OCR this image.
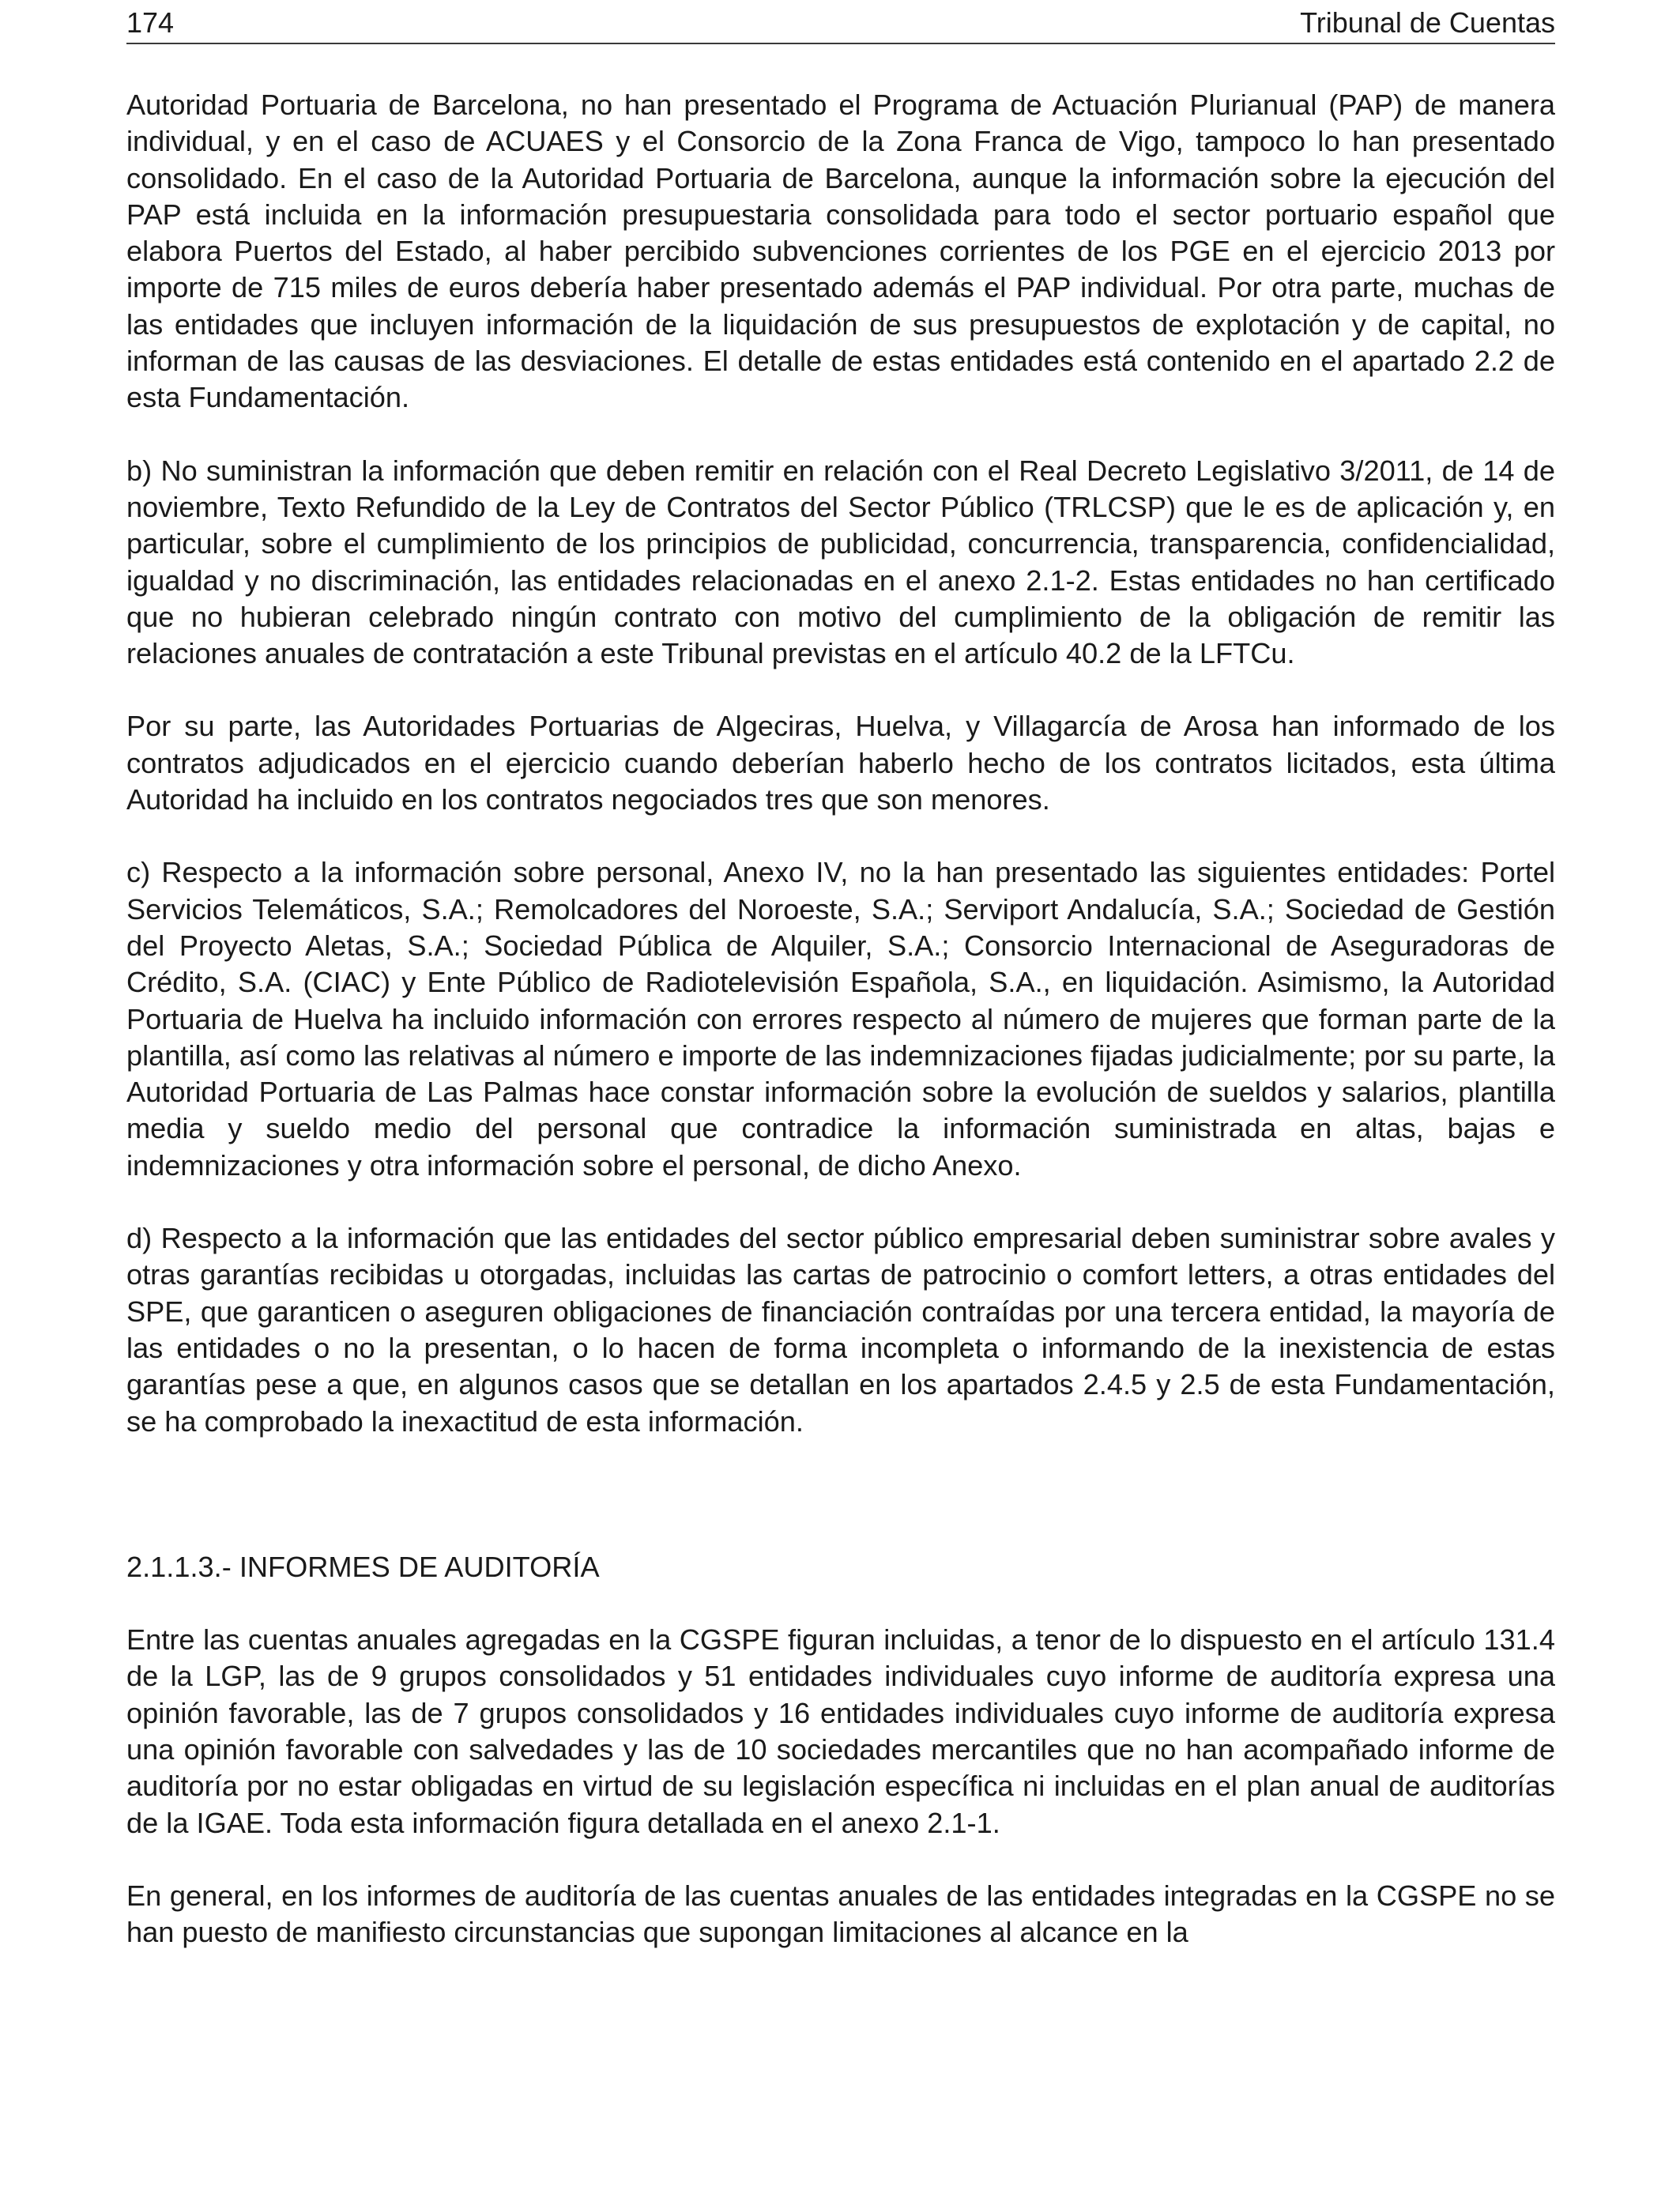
174	Tribunal de Cuentas

Autoridad Portuaria de Barcelona, no han presentado el Programa de Actuación Plurianual (PAP) de manera individual, y en el caso de ACUAES y el Consorcio de la Zona Franca de Vigo, tampoco lo han presentado consolidado. En el caso de la Autoridad Portuaria de Barcelona, aunque la información sobre la ejecución del PAP está incluida en la información presupuestaria consolidada para todo el sector portuario español que elabora Puertos del Estado, al haber percibido subvenciones corrientes de los PGE en el ejercicio 2013 por importe de 715 miles de euros debería haber presentado además el PAP individual. Por otra parte, muchas de las entidades que incluyen información de la liquidación de sus presupuestos de explotación y de capital, no informan de las causas de las desviaciones. El detalle de estas entidades está contenido en el apartado 2.2 de esta Fundamentación.

b) No suministran la información que deben remitir en relación con el Real Decreto Legislativo 3/2011, de 14 de noviembre, Texto Refundido de la Ley de Contratos del Sector Público (TRLCSP) que le es de aplicación y, en particular, sobre el cumplimiento de los principios de publicidad, concurrencia, transparencia, confidencialidad, igualdad y no discriminación, las entidades relacionadas en el anexo 2.1-2. Estas entidades no han certificado que no hubieran celebrado ningún contrato con motivo del cumplimiento de la obligación de remitir las relaciones anuales de contratación a este Tribunal previstas en el artículo 40.2 de la LFTCu.

Por su parte, las Autoridades Portuarias de Algeciras, Huelva, y Villagarcía de Arosa han informado de los contratos adjudicados en el ejercicio cuando deberían haberlo hecho de los contratos licitados, esta última Autoridad ha incluido en los contratos negociados tres que son menores.

c) Respecto a la información sobre personal, Anexo IV, no la han presentado las siguientes entidades: Portel Servicios Telemáticos, S.A.; Remolcadores del Noroeste, S.A.; Serviport Andalucía, S.A.; Sociedad de Gestión del Proyecto Aletas, S.A.; Sociedad Pública de Alquiler, S.A.; Consorcio Internacional de Aseguradoras de Crédito, S.A. (CIAC) y Ente Público de Radiotelevisión Española, S.A., en liquidación. Asimismo, la Autoridad Portuaria de Huelva ha incluido información con errores respecto al número de mujeres que forman parte de la plantilla, así como las relativas al número e importe de las indemnizaciones fijadas judicialmente; por su parte, la Autoridad Portuaria de Las Palmas hace constar información sobre la evolución de sueldos y salarios, plantilla media y sueldo medio del personal que contradice la información suministrada en altas, bajas e indemnizaciones y otra información sobre el personal, de dicho Anexo.

d) Respecto a la información que las entidades del sector público empresarial deben suministrar sobre avales y otras garantías recibidas u otorgadas, incluidas las cartas de patrocinio o comfort letters, a otras entidades del SPE, que garanticen o aseguren obligaciones de financiación contraídas por una tercera entidad, la mayoría de las entidades o no la presentan, o lo hacen de forma incompleta o informando de la inexistencia de estas garantías pese a que, en algunos casos que se detallan en los apartados 2.4.5 y 2.5 de esta Fundamentación, se ha comprobado la inexactitud de esta información.

2.1.1.3.- INFORMES DE AUDITORÍA

Entre las cuentas anuales agregadas en la CGSPE figuran incluidas, a tenor de lo dispuesto en el artículo 131.4 de la LGP, las de 9 grupos consolidados y 51 entidades individuales cuyo informe de auditoría expresa una opinión favorable, las de 7 grupos consolidados y 16 entidades individuales cuyo informe de auditoría expresa una opinión favorable con salvedades y las de 10 sociedades mercantiles que no han acompañado informe de auditoría por no estar obligadas en virtud de su legislación específica ni incluidas en el plan anual de auditorías de la IGAE. Toda esta información figura detallada en el anexo 2.1-1.

En general, en los informes de auditoría de las cuentas anuales de las entidades integradas en la CGSPE no se han puesto de manifiesto circunstancias que supongan limitaciones al alcance en la
